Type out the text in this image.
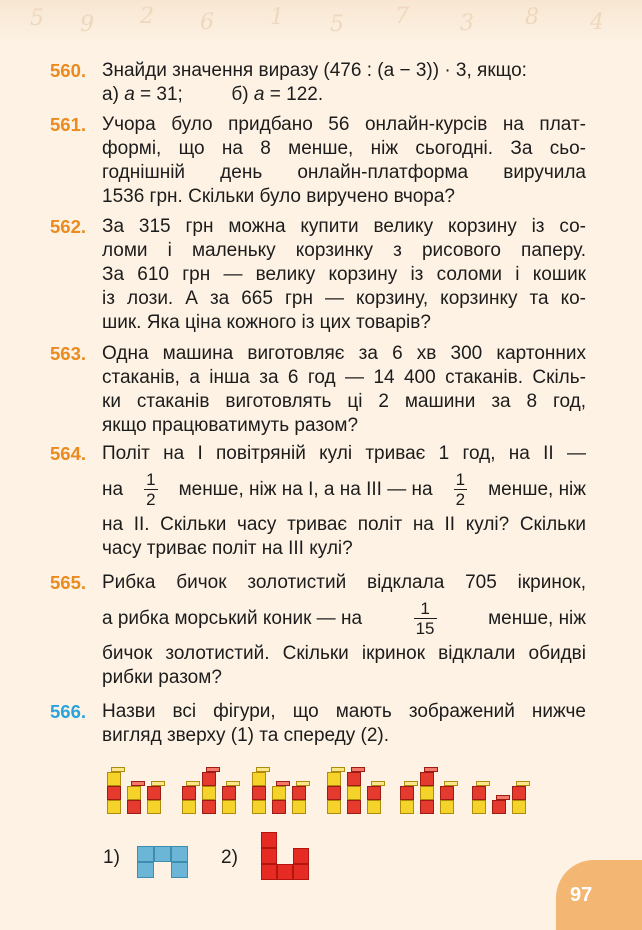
5 9 2 6	1 5 7 3 8 4
560. Знайди значення виразу (476 : (a − 3)) · 3, якщо:
а) a = 31;	б) a = 122.
561. Учора було придбано 56 онлайн-курсів на плат-
формі, що на 8 менше, ніж сьогодні. За сьо-
годнішній день онлайн-платформа виручила
1536 грн. Скільки було виручено вчора?
562. За 315 грн можна купити велику корзину із со-
ломи і маленьку корзинку з рисового паперу.
За 610 грн — велику корзину із соломи і кошик
із лози. А за 665 грн — корзину, корзинку та ко-
шик. Яка ціна кожного із цих товарів?
563. Одна машина виготовляє за 6 хв 300 картонних
стаканів, а інша за 6 год — 14 400 стаканів. Скіль-
ки стаканів виготовлять ці 2 машини за 8 год,
якщо працюватимуть разом?
564. Політ на І повітряній кулі триває 1 год, на ІІ —
на $\frac{1}{2}$ менше, ніж на І, а на ІІІ — на $\frac{1}{2}$ менше, ніж
на ІІ. Скільки часу триває політ на ІІ кулі? Скільки
часу триває політ на ІІІ кулі?
565. Рибка бичок золотистий відклала 705 ікринок,
а рибка морський коник — на	$\frac{1}{15}$	менше, ніж
бичок золотистий. Скільки ікринок відклали обидві
рибки разом?
566. Назви всі фігури, що мають зображений нижче
вигляд зверху (1) та спереду (2).
1)	2)
97
